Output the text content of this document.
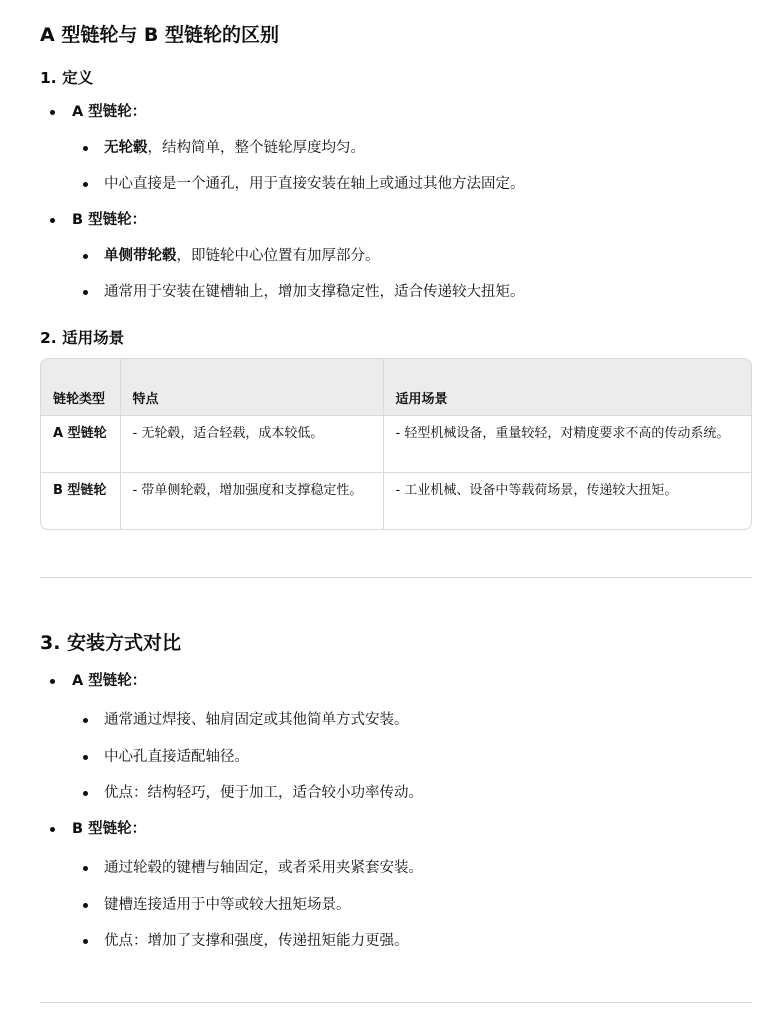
A 型链轮与 B 型链轮的区别
1. 定义
A 型链轮：
无轮毂，结构简单，整个链轮厚度均匀。
中心直接是一个通孔，用于直接安装在轴上或通过其他方法固定。
B 型链轮：
单侧带轮毂，即链轮中心位置有加厚部分。
通常用于安装在键槽轴上，增加支撑稳定性，适合传递较大扭矩。
2. 适用场景
链轮类型	特点	适用场景
A 型链轮	- 无轮毂，适合轻载，成本较低。	- 轻型机械设备，重量较轻，对精度要求不高的传动系统。
B 型链轮	- 带单侧轮毂，增加强度和支撑稳定性。	- 工业机械、设备中等载荷场景，传递较大扭矩。
3. 安装方式对比
A 型链轮：
通常通过焊接、轴肩固定或其他简单方式安装。
中心孔直接适配轴径。
优点：结构轻巧，便于加工，适合较小功率传动。
B 型链轮：
通过轮毂的键槽与轴固定，或者采用夹紧套安装。
键槽连接适用于中等或较大扭矩场景。
优点：增加了支撑和强度，传递扭矩能力更强。
